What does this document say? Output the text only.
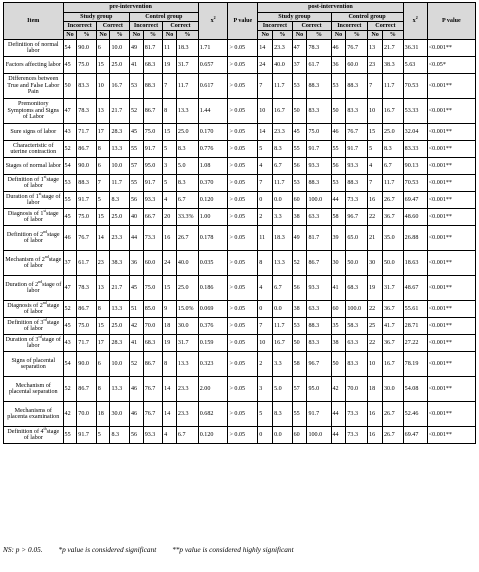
Item	pre-intervention								$x^2$	P value	post-intervention								$x^2$	P value
	Study group				Control group						Study group				Control group					
	Incorrect		Correct		Incorrect		Correct				Incorrect		Correct		Incorrect		Correct			
	No	%	No	%	No	%	No	%			No	%	No	%	No	%	No	%		
Definition of normal labor	54	90.0	6	10.0	49	81.7	11	18.3	1.71	> 0.05	14	23.3	47	78.3	46	76.7	13	21.7	36.31	<0.001**
Factors affecting labor	45	75.0	15	25.0	41	68.3	19	31.7	0.657	> 0.05	24	40.0	37	61.7	36	60.0	23	38.3	5.63	<0.05*
Differences between True and False Labor Pain	50	83.3	10	16.7	53	88.3	7	11.7	0.617	> 0.05	7	11.7	53	88.3	53	88.3	7	11.7	70.53	<0.001**
Premonitory Symptoms and Signs of Labor	47	78.3	13	21.7	52	86.7	8	13.3	1.44	> 0.05	10	16.7	50	83.3	50	83.3	10	16.7	53.33	<0.001**
Sure signs of labor	43	71.7	17	28.3	45	75.0	15	25.0	0.170	> 0.05	14	23.3	45	75.0	46	76.7	15	25.0	32.04	<0.001**
Characteristic of uterine contraction	52	86.7	8	13.3	55	91.7	5	8.3	0.776	> 0.05	5	8.3	55	91.7	55	91.7	5	8.3	83.33	<0.001**
Stages of normal labor	54	90.0	6	10.0	57	95.0	3	5.0	1.08	> 0.05	4	6.7	56	93.3	56	93.3	4	6.7	90.13	<0.001**
Definition of 1ststage of labor	53	88.3	7	11.7	55	91.7	5	8.3	0.370	> 0.05	7	11.7	53	88.3	53	88.3	7	11.7	70.53	<0.001**
Duration of 1ststage of labor	55	91.7	5	8.3	56	93.3	4	6.7	0.120	> 0.05	0	0.0	60	100.0	44	73.3	16	26.7	69.47	<0.001**
Diagnosis of 1ststage of labor	45	75.0	15	25.0	40	66.7	20	33.3%	1.00	> 0.05	2	3.3	38	63.3	58	96.7	22	36.7	48.60	<0.001**
Definition of 2ndstage of labor	46	76.7	14	23.3	44	73.3	16	26.7	0.178	> 0.05	11	18.3	49	81.7	39	65.0	21	35.0	26.88	<0.001**
Mechanism of 2ndstage of labor	37	61.7	23	38.3	36	60.0	24	40.0	0.035	> 0.05	8	13.3	52	86.7	30	50.0	30	50.0	18.63	<0.001**
Duration of 2ndstage of labor	47	78.3	13	21.7	45	75.0	15	25.0	0.186	> 0.05	4	6.7	56	93.3	41	68.3	19	31.7	48.67	<0.001**
Diagnosis of 2ndstage of labor	52	86.7	8	13.3	51	85.0	9	15.0%	0.069	> 0.05	0	0.0	38	63.3	60	100.0	22	36.7	55.61	<0.001**
Definition of 3rdstage of labor	45	75.0	15	25.0	42	70.0	18	30.0	0.376	> 0.05	7	11.7	53	88.3	35	58.3	25	41.7	28.71	<0.001**
Duration of 3rdstage of labor	43	71.7	17	28.3	41	68.3	19	31.7	0.159	> 0.05	10	16.7	50	83.3	38	63.3	22	36.7	27.22	<0.001**
Signs of placental separation	54	90.0	6	10.0	52	86.7	8	13.3	0.323	> 0.05	2	3.3	58	96.7	50	83.3	10	16.7	78.19	<0.001**
Mechanism of placental separation	52	86.7	8	13.3	46	76.7	14	23.3	2.00	> 0.05	3	5.0	57	95.0	42	70.0	18	30.0	54.08	<0.001**
Mechanisms of placenta examination	42	70.0	18	30.0	46	76.7	14	23.3	0.682	> 0.05	5	8.3	55	91.7	44	73.3	16	26.7	52.46	<0.001**
Definition of 4thstage of labor	55	91.7	5	8.3	56	93.3	4	6.7	0.120	> 0.05	0	0.0	60	100.0	44	73.3	16	26.7	69.47	<0.001**
NS: p > 0.05. *p value is considered significant **p value is considered highly significant
